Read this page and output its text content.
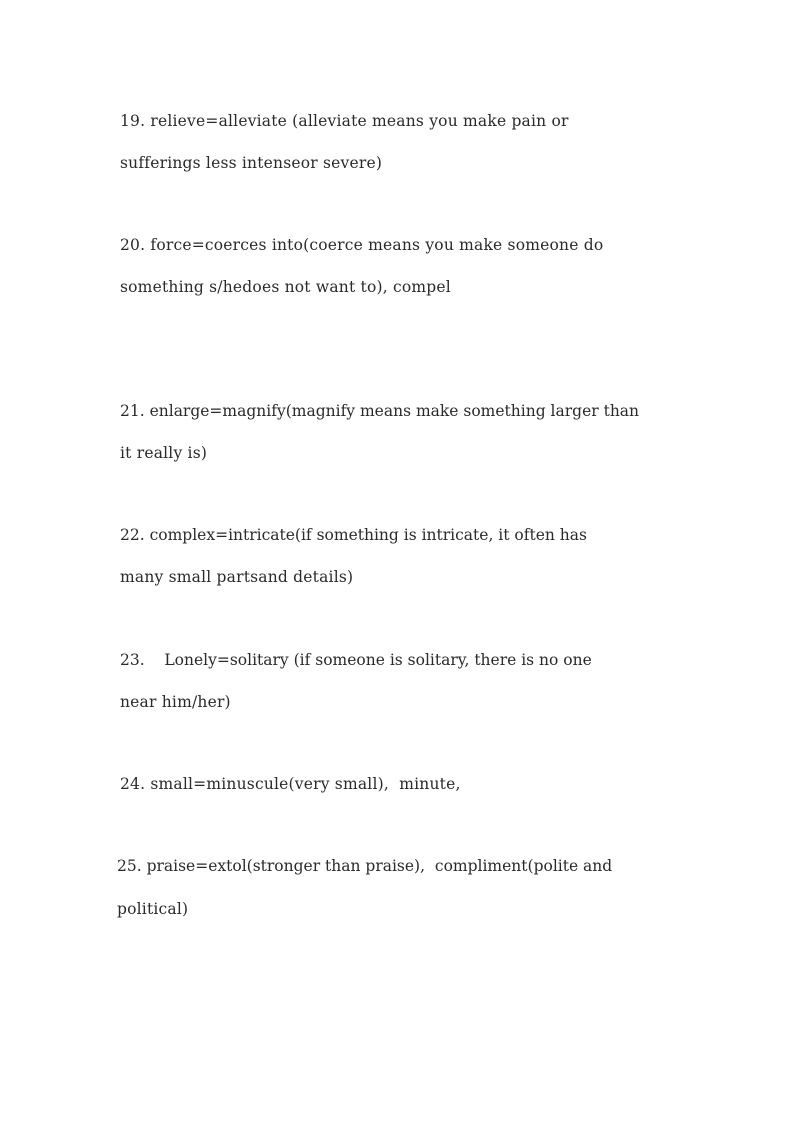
19. relieve=alleviate (alleviate means you make pain or
sufferings less intenseor severe)
20. force=coerces into(coerce means you make someone do
something s/hedoes not want to), compel
21. enlarge=magnify(magnify means make something larger than
it really is)
22. complex=intricate(if something is intricate, it often has
many small partsand details)
23.    Lonely=solitary (if someone is solitary, there is no one
near him/her)
24. small=minuscule(very small),  minute,
25. praise=extol(stronger than praise),  compliment(polite and
political)
